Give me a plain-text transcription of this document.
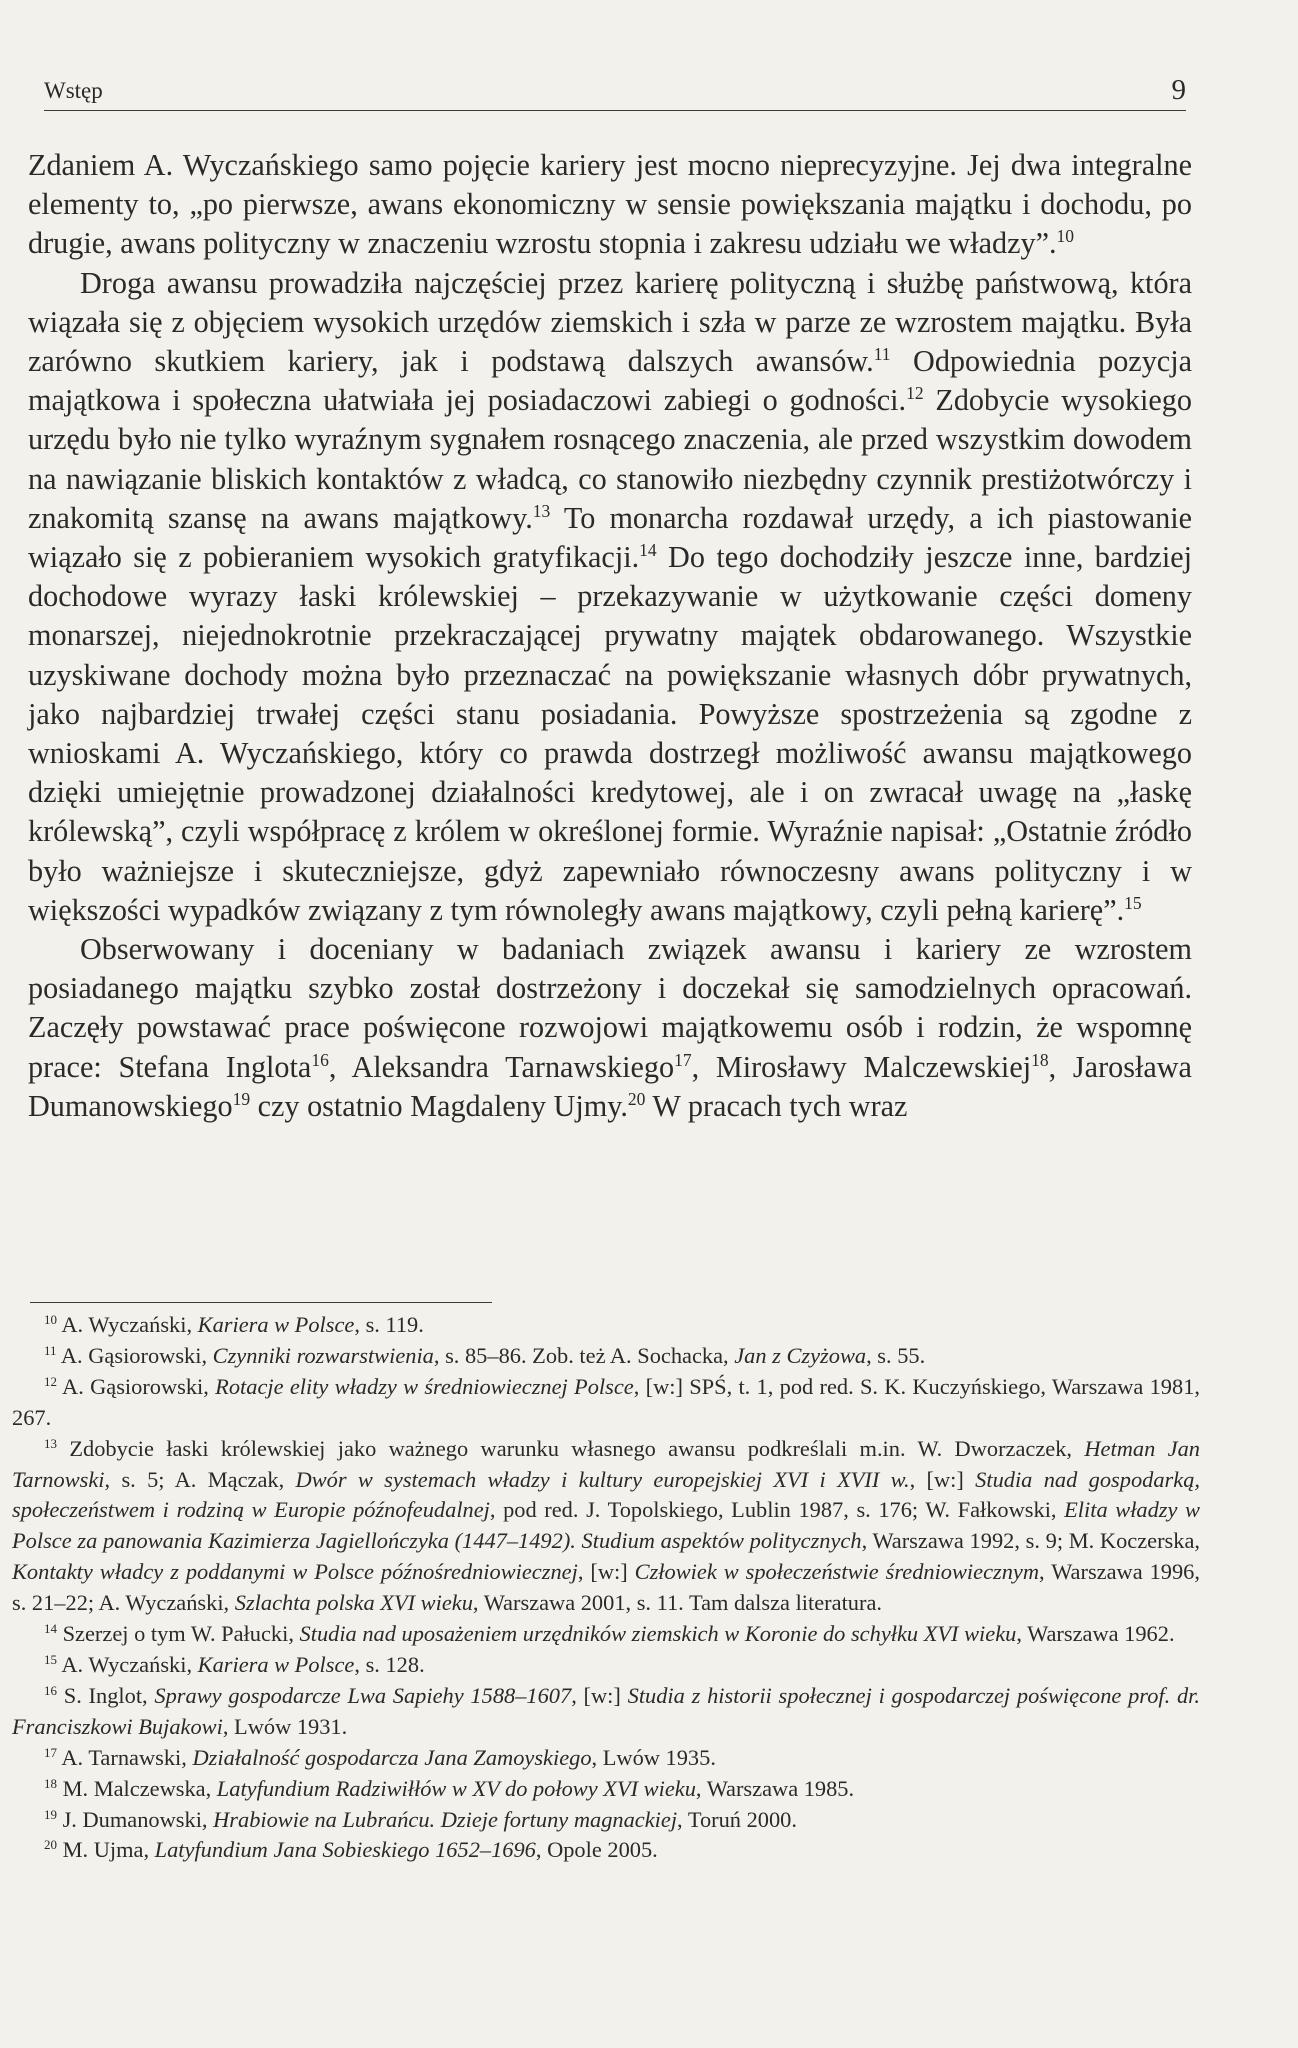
Wstęp	9

Zdaniem A. Wyczańskiego samo pojęcie kariery jest mocno nieprecyzyjne. Jej dwa integralne elementy to, „po pierwsze, awans ekonomiczny w sensie powiększania majątku i dochodu, po drugie, awans polityczny w znaczeniu wzrostu stopnia i zakresu udziału we władzy”.$^{10}$

Droga awansu prowadziła najczęściej przez karierę polityczną i służbę państwową, która wiązała się z objęciem wysokich urzędów ziemskich i szła w parze ze wzrostem majątku. Była zarówno skutkiem kariery, jak i podstawą dalszych awansów.$^{11}$ Odpowiednia pozycja majątkowa i społeczna ułatwiała jej posiadaczowi zabiegi o godności.$^{12}$ Zdobycie wysokiego urzędu było nie tylko wyraźnym sygnałem rosnącego znaczenia, ale przed wszystkim dowodem na nawiązanie bliskich kontaktów z władcą, co stanowiło niezbędny czynnik prestiżotwórczy i znakomitą szansę na awans majątkowy.$^{13}$ To monarcha rozdawał urzędy, a ich piastowanie wiązało się z pobieraniem wysokich gratyfikacji.$^{14}$ Do tego dochodziły jeszcze inne, bardziej dochodowe wyrazy łaski królewskiej – przekazywanie w użytkowanie części domeny monarszej, niejednokrotnie przekraczającej prywatny majątek obdarowanego. Wszystkie uzyskiwane dochody można było przeznaczać na powiększanie własnych dóbr prywatnych, jako najbardziej trwałej części stanu posiadania. Powyższe spostrzeżenia są zgodne z wnioskami A. Wyczańskiego, który co prawda dostrzegł możliwość awansu majątkowego dzięki umiejętnie prowadzonej działalności kredytowej, ale i on zwracał uwagę na „łaskę królewską”, czyli współpracę z królem w określonej formie. Wyraźnie napisał: „Ostatnie źródło było ważniejsze i skuteczniejsze, gdyż zapewniało równoczesny awans polityczny i w większości wypadków związany z tym równoległy awans majątkowy, czyli pełną karierę”.$^{15}$

Obserwowany i doceniany w badaniach związek awansu i kariery ze wzrostem posiadanego majątku szybko został dostrzeżony i doczekał się samodzielnych opracowań. Zaczęły powstawać prace poświęcone rozwojowi majątkowemu osób i rodzin, że wspomnę prace: Stefana Inglota$^{16}$, Aleksandra Tarnawskiego$^{17}$, Mirosławy Malczewskiej$^{18}$, Jarosława Dumanowskiego$^{19}$ czy ostatnio Magdaleny Ujmy.$^{20}$ W pracach tych wraz

$^{10}$ A. Wyczański, Kariera w Polsce, s. 119.

$^{11}$ A. Gąsiorowski, Czynniki rozwarstwienia, s. 85–86. Zob. też A. Sochacka, Jan z Czyżowa, s. 55.

$^{12}$ A. Gąsiorowski, Rotacje elity władzy w średniowiecznej Polsce, [w:] SPŚ, t. 1, pod red. S. K. Kuczyńskiego, Warszawa 1981, 267.

$^{13}$ Zdobycie łaski królewskiej jako ważnego warunku własnego awansu podkreślali m.in. W. Dworzaczek, Hetman Jan Tarnowski, s. 5; A. Mączak, Dwór w systemach władzy i kultury europejskiej XVI i XVII w., [w:] Studia nad gospodarką, społeczeństwem i rodziną w Europie późnofeudalnej, pod red. J. Topolskiego, Lublin 1987, s. 176; W. Fałkowski, Elita władzy w Polsce za panowania Kazimierza Jagiellończyka (1447–1492). Studium aspektów politycznych, Warszawa 1992, s. 9; M. Koczerska, Kontakty władcy z poddanymi w Polsce późnośredniowiecznej, [w:] Człowiek w społeczeństwie średniowiecznym, Warszawa 1996, s. 21–22; A. Wyczański, Szlachta polska XVI wieku, Warszawa 2001, s. 11. Tam dalsza literatura.

$^{14}$ Szerzej o tym W. Pałucki, Studia nad uposażeniem urzędników ziemskich w Koronie do schyłku XVI wieku, Warszawa 1962.

$^{15}$ A. Wyczański, Kariera w Polsce, s. 128.

$^{16}$ S. Inglot, Sprawy gospodarcze Lwa Sapiehy 1588–1607, [w:] Studia z historii społecznej i gospodarczej poświęcone prof. dr. Franciszkowi Bujakowi, Lwów 1931.

$^{17}$ A. Tarnawski, Działalność gospodarcza Jana Zamoyskiego, Lwów 1935.

$^{18}$ M. Malczewska, Latyfundium Radziwiłłów w XV do połowy XVI wieku, Warszawa 1985.

$^{19}$ J. Dumanowski, Hrabiowie na Lubrańcu. Dzieje fortuny magnackiej, Toruń 2000.

$^{20}$ M. Ujma, Latyfundium Jana Sobieskiego 1652–1696, Opole 2005.
